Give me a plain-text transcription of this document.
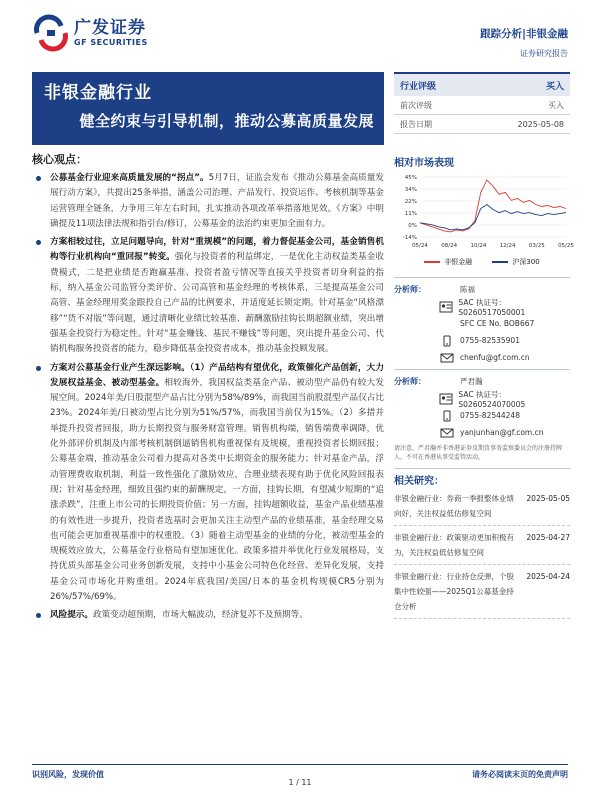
广发证券
GF SECURITIES
跟踪分析|非银金融
证券研究报告
非银金融行业
健全约束与引导机制，推动公募高质量发展
核心观点：
公募基金行业迎来高质量发展的“拐点”。5月7日，证监会发布《推动公募基金高质量发展行动方案》，共提出25条举措，涵盖公司治理、产品发行、投资运作、考核机制等基金运营管理全链条，力争用三年左右时间，扎实推动各项改革举措落地见效。《方案》中明确提及11项法律法规和指引台/修订，公募基金的法治约束更加全面有力。
方案相较过往，立足问题导向，针对“重规模”的问题，着力督促基金公司，基金销售机构等行业机构向“重回报”转变。强化与投资者的利益绑定，一是优化主动权益类基金收费模式，二是把业绩是否跑赢基准、投资者盈亏情况等直接关乎投资者切身利益的指标，纳入基金公司监管分类评价、公司高管和基金经理的考核体系，三是提高基金公司高管、基金经理用奖金跟投自己产品的比例要求，并适度延长锁定期。针对基金“风格漂移”“货不对版”等问题，通过清晰化业绩比较基准、薪酬激励挂钩长期超额业绩，突出增强基金投资行为稳定性。针对“基金赚钱、基民不赚钱”等问题，突出提升基金公司、代销机构服务投资者的能力，稳步降低基金投资者成本，推动基金投顾发展。
方案对公募基金行业产生深远影响。（1）产品结构有望优化，政策催化产品创新，大力发展权益基金、被动型基金。相较海外，我国权益类基金产品、被动型产品仍有较大发展空间。2024年美/日股混型产品占比分别为58%/89%，而我国当前股混型产品仅占比23%。2024年美/日被动型占比分别为51%/57%，而我国当前仅为15%。（2）多措并举提升投资者回报，助力长期投资与服务财富管理。销售机构端，销售端费率调降，优化外部评价机制及内部考核机制倒逼销售机构重视保有及规模，重视投资者长期回报；公募基金端，推动基金公司着力提高对各类中长期资金的服务能力；针对基金产品，浮动管理费收取机制，利益一致性强化了激励效应，合理业绩表现有助于优化风险回报表现；针对基金经理，细致且强约束的薪酬规定，一方面，挂钩长期，有望减少短期的“追涨杀跌”，注重上市公司的长期投资价值；另一方面，挂钩超额收益，基金产品业绩基准的有效性进一步提升，投资者选基时会更加关注主动型产品的业绩基准，基金经理交易也可能会更加重视基准中的权重股。（3）随着主动型基金的业绩的分化，被动型基金的规模效应放大，公募基金行业格局有望加速优化。政策多措并举优化行业发展格局，支持优质头部基金公司业务创新发展，支持中小基金公司特色化经营、差异化发展，支持基金公司市场化并购重组。2024年底我国/美国/日本的基金机构规模CR5分别为26%/57%/69%。
风险提示。政策变动超预期，市场大幅波动，经济复苏不及预期等。
行业评级	买入
前次评级	买入
报告日期	2025-05-08
相对市场表现
-14%
0%
11%
22%
34%
45%
05/24 08/24 10/24 12/24 03/25 05/25
非银金融	沪深300
分析师：	陈福
SAC 执证号：S0260517050001
SFC CE No. BOB667
0755-82535901
chenfu@gf.com.cn
分析师：	严君瀚
SAC 执证号：S0260524070005
0755-82544248
yanjunhan@gf.com.cn
请注意，严君瀚并非香港证券及期货事务监察委员会的注册持牌人，不可在香港从事受监管活动。
相关研究：
非银金融行业：券商一季报整体业绩向好，关注权益低估修复空间
2025-05-05
非银金融行业：政策驱动更加积极有为，关注权益低估修复空间
2025-04-27
非银金融行业：行业持仓反弹，个股集中性较强——2025Q1公募基金持仓分析
2025-04-24
识别风险，发现价值	请务必阅读末页的免责声明
1 / 11
